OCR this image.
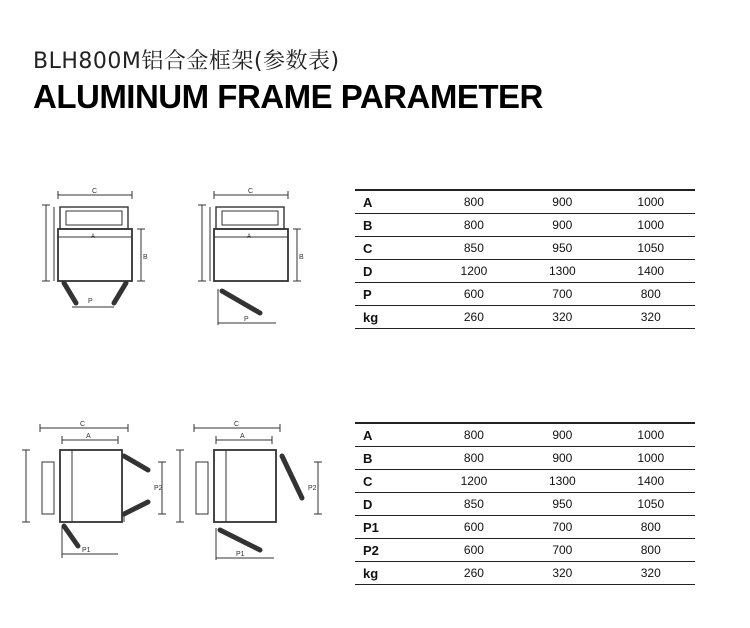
BLH800M铝合金框架(参数表)
ALUMINUM FRAME PARAMETER
C
A
P
B
C
A
P
B
C
A
P1
P2
C
A
P1
P2
A	800	900	1000
B	800	900	1000
C	850	950	1050
D	1200	1300	1400
P	600	700	800
kg	260	320	320
A	800	900	1000
B	800	900	1000
C	1200	1300	1400
D	850	950	1050
P1	600	700	800
P2	600	700	800
kg	260	320	320
